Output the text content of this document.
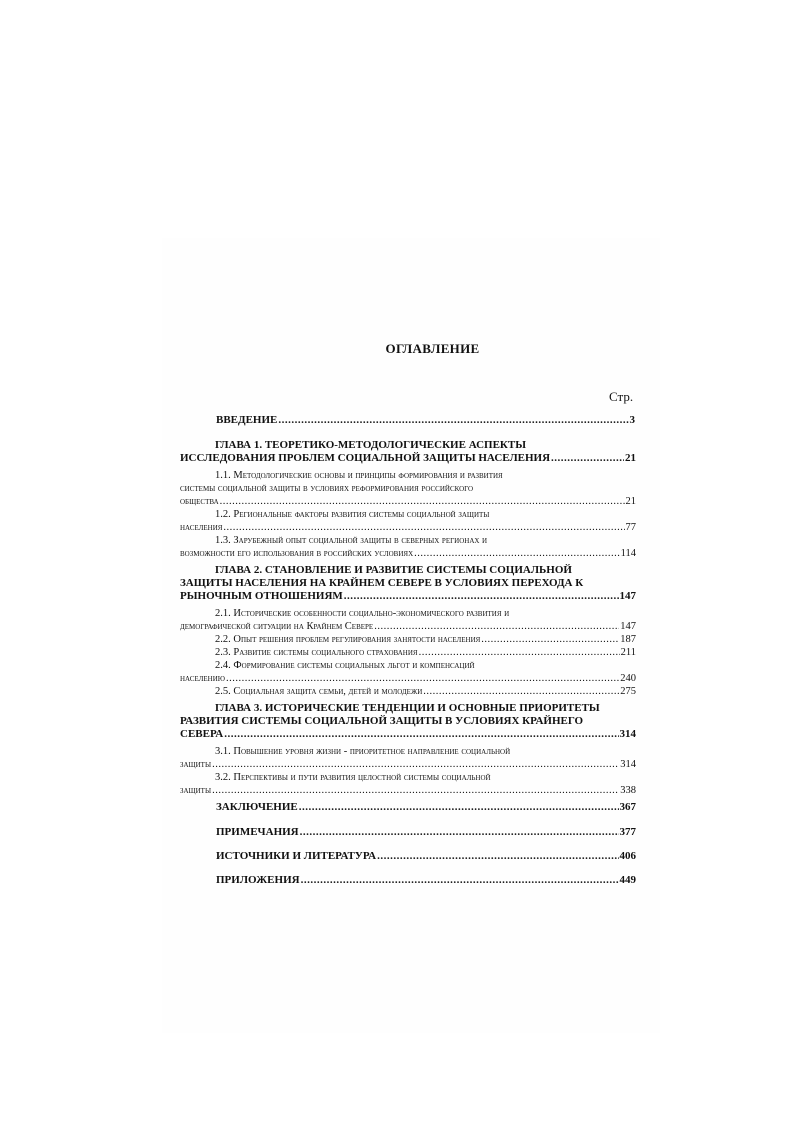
ОГЛАВЛЕНИЕ
Стр.
ВВЕДЕНИЕ .....	3
ГЛАВА 1. ТЕОРЕТИКО-МЕТОДОЛОГИЧЕСКИЕ АСПЕКТЫ
ИССЛЕДОВАНИЯ ПРОБЛЕМ СОЦИАЛЬНОЙ ЗАЩИТЫ НАСЕЛЕНИЯ .....	21
1.1. Методологические основы и принципы формирования и развития
системы социальной защиты в условиях реформирования российского
общества .....	21
1.2. Региональные факторы развития системы социальной защиты
населения .....	77
1.3. Зарубежный опыт социальной защиты в северных регионах и
возможности его использования в российских условиях .....	114
ГЛАВА 2. СТАНОВЛЕНИЕ И РАЗВИТИЕ СИСТЕМЫ СОЦИАЛЬНОЙ
ЗАЩИТЫ НАСЕЛЕНИЯ НА КРАЙНЕМ СЕВЕРЕ В УСЛОВИЯХ ПЕРЕХОДА К
РЫНОЧНЫМ ОТНОШЕНИЯМ .....	147
2.1. Исторические особенности социально-экономического развития и
демографической ситуации на Крайнем Севере .....	147
2.2. Опыт решения проблем регулирования занятости населения .....	187
2.3. Развитие системы социального страхования .....	211
2.4. Формирование системы социальных льгот и компенсаций
населению .....	240
2.5. Социальная защита семьи, детей и молодежи .....	275
ГЛАВА 3. ИСТОРИЧЕСКИЕ ТЕНДЕНЦИИ И ОСНОВНЫЕ ПРИОРИТЕТЫ
РАЗВИТИЯ СИСТЕМЫ СОЦИАЛЬНОЙ ЗАЩИТЫ В УСЛОВИЯХ КРАЙНЕГО
СЕВЕРА .....	314
3.1. Повышение уровня жизни - приоритетное направление социальной
защиты .....	314
3.2. Перспективы и пути развития целостной системы социальной
защиты .....	338
ЗАКЛЮЧЕНИЕ .....	367
ПРИМЕЧАНИЯ .....	377
ИСТОЧНИКИ И ЛИТЕРАТУРА .....	406
ПРИЛОЖЕНИЯ .....	449
